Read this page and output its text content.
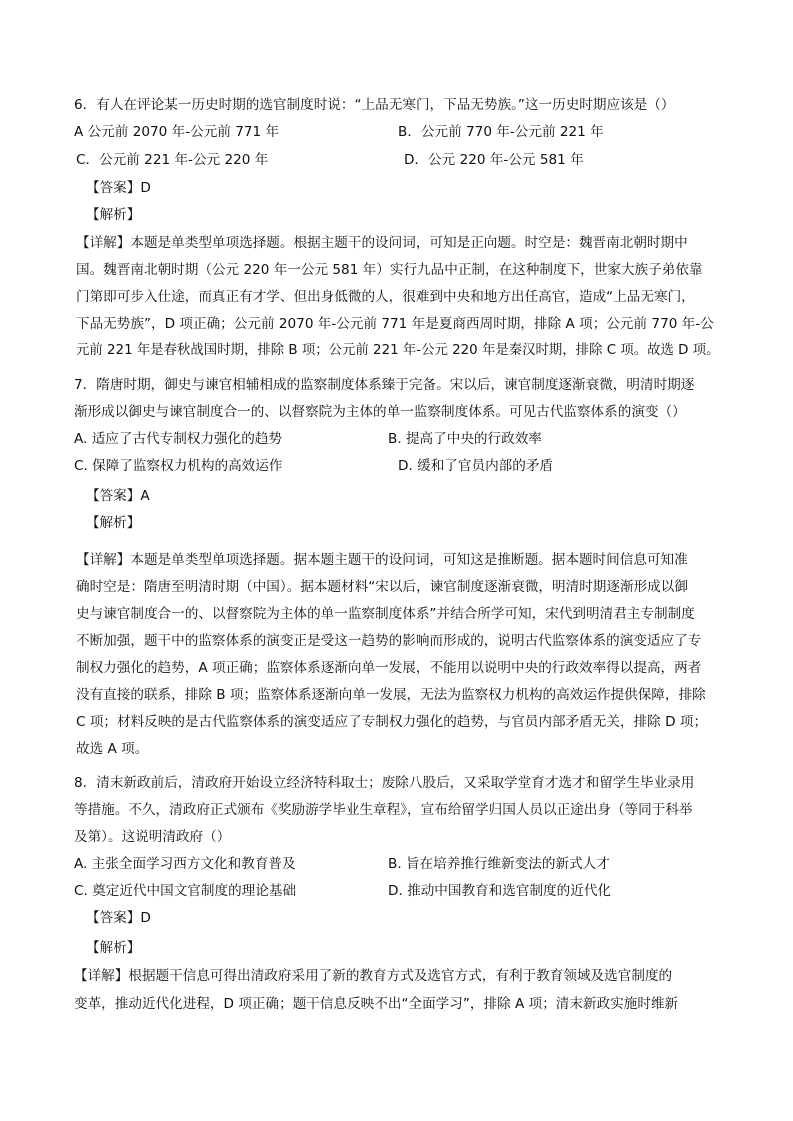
6．有人在评论某一历史时期的选官制度时说：“上品无寒门，下品无势族。”这一历史时期应该是（）
A 公元前 2070 年-公元前 771 年	B．公元前 770 年-公元前 221 年
C．公元前 221 年-公元 220 年	D．公元 220 年-公元 581 年
【答案】D
【解析】
【详解】本题是单类型单项选择题。根据主题干的设问词，可知是正向题。时空是：魏晋南北朝时期中
国。魏晋南北朝时期（公元 220 年一公元 581 年）实行九品中正制，在这种制度下，世家大族子弟依靠
门第即可步入仕途，而真正有才学、但出身低微的人，很难到中央和地方出任高官，造成“上品无寒门，
下品无势族”，D 项正确；公元前 2070 年-公元前 771 年是夏商西周时期，排除 A 项；公元前 770 年-公
元前 221 年是春秋战国时期，排除 B 项；公元前 221 年-公元 220 年是秦汉时期，排除 C 项。故选 D 项。
7．隋唐时期，御史与谏官相辅相成的监察制度体系臻于完备。宋以后，谏官制度逐渐衰微，明清时期逐
渐形成以御史与谏官制度合一的、以督察院为主体的单一监察制度体系。可见古代监察体系的演变（）
A. 适应了古代专制权力强化的趋势	B. 提高了中央的行政效率
C. 保障了监察权力机构的高效运作	D. 缓和了官员内部的矛盾
【答案】A
【解析】
【详解】本题是单类型单项选择题。据本题主题干的设问词，可知这是推断题。据本题时间信息可知准
确时空是：隋唐至明清时期（中国）。据本题材料“宋以后，谏官制度逐渐衰微，明清时期逐渐形成以御
史与谏官制度合一的、以督察院为主体的单一监察制度体系”并结合所学可知，宋代到明清君主专制制度
不断加强，题干中的监察体系的演变正是受这一趋势的影响而形成的，说明古代监察体系的演变适应了专
制权力强化的趋势，A 项正确；监察体系逐渐向单一发展，不能用以说明中央的行政效率得以提高，两者
没有直接的联系，排除 B 项；监察体系逐渐向单一发展，无法为监察权力机构的高效运作提供保障，排除
C 项；材料反映的是古代监察体系的演变适应了专制权力强化的趋势，与官员内部矛盾无关，排除 D 项；
故选 A 项。
8．清末新政前后，清政府开始设立经济特科取士；废除八股后，又采取学堂育才选才和留学生毕业录用
等措施。不久，清政府正式颁布《奖励游学毕业生章程》，宣布给留学归国人员以正途出身（等同于科举
及第）。这说明清政府（）
A. 主张全面学习西方文化和教育普及	B. 旨在培养推行维新变法的新式人才
C. 奠定近代中国文官制度的理论基础	D. 推动中国教育和选官制度的近代化
【答案】D
【解析】
【详解】根据题干信息可得出清政府采用了新的教育方式及选官方式，有利于教育领域及选官制度的
变革，推动近代化进程，D 项正确；题干信息反映不出“全面学习”，排除 A 项；清末新政实施时维新
